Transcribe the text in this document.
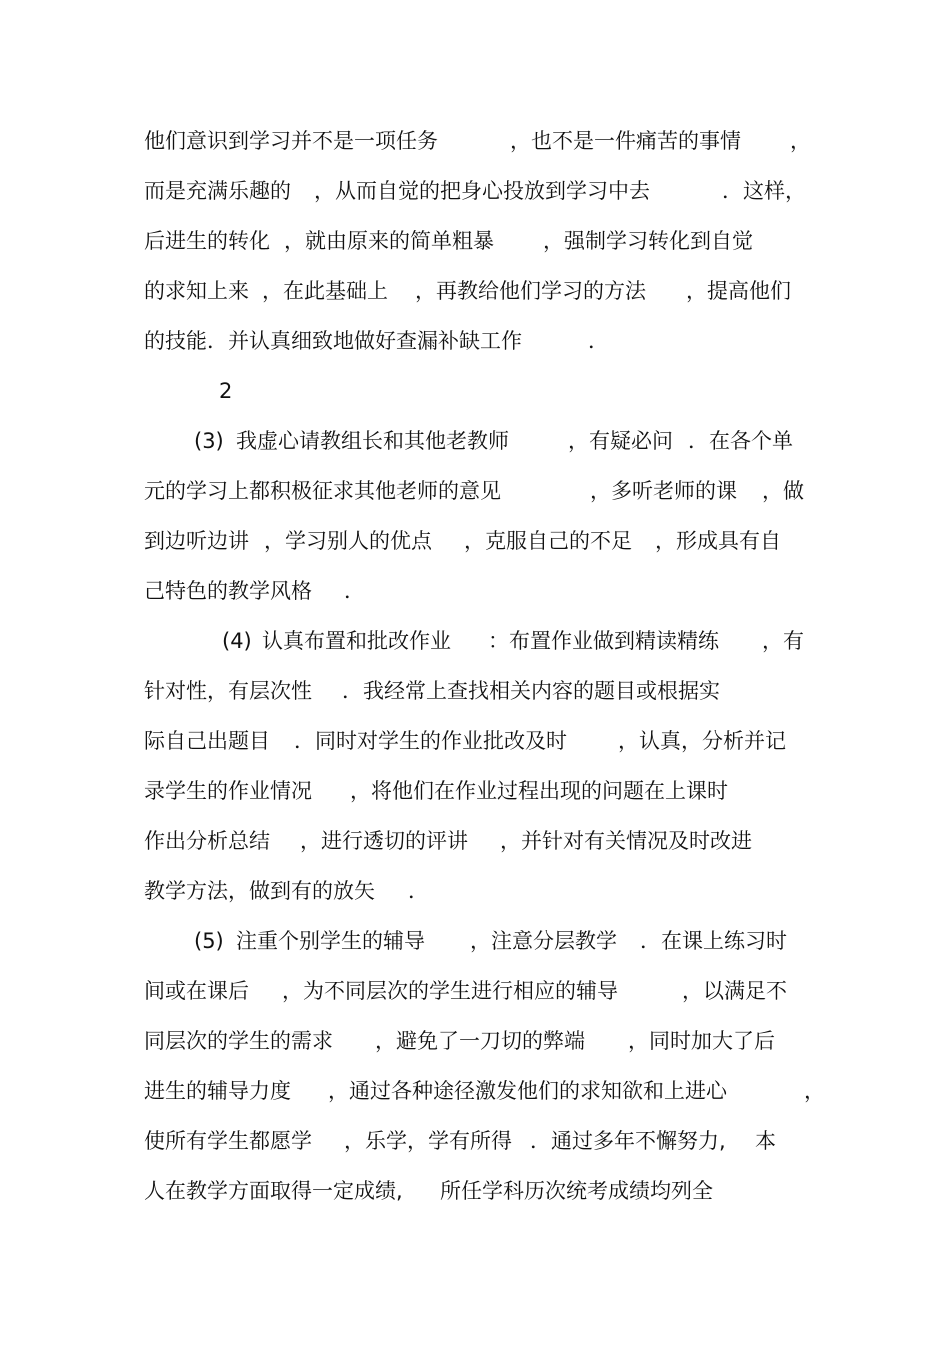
他们意识到学习并不是一项任务	，也不是一件痛苦的事情 ，
而是充满乐趣的 ，从而自觉的把身心投放到学习中去	．这样，
后进生的转化 ，就由原来的简单粗暴 ，强制学习转化到自觉
的求知上来 ，在此基础上 ，再教给他们学习的方法 ，提高他们
的技能．并认真细致地做好查漏补缺工作	．
2
(3) 我虚心请教组长和其他老教师	，有疑必问 ．在各个单
元的学习上都积极征求其他老师的意见	，多听老师的课 ，做
到边听边讲 ，学习别人的优点 ，克服自己的不足 ，形成具有自
己特色的教学风格 ．
(4) 认真布置和批改作业 ：布置作业做到精读精练 ，有
针对性，有层次性 ．我经常上查找相关内容的题目或根据实
际自己出题目 ．同时对学生的作业批改及时 ，认真，分析并记
录学生的作业情况 ，将他们在作业过程出现的问题在上课时
作出分析总结 ，进行透切的评讲 ，并针对有关情况及时改进
教学方法，做到有的放矢 ．
(5) 注重个别学生的辅导 ，注意分层教学 ．在课上练习时
间或在课后 ，为不同层次的学生进行相应的辅导	，以满足不
同层次的学生的需求 ，避免了一刀切的弊端 ，同时加大了后
进生的辅导力度 ，通过各种途径激发他们的求知欲和上进心	，
使所有学生都愿学 ，乐学，学有所得 ．通过多年不懈努力, 本
人在教学方面取得一定成绩, 所任学科历次统考成绩均列全
